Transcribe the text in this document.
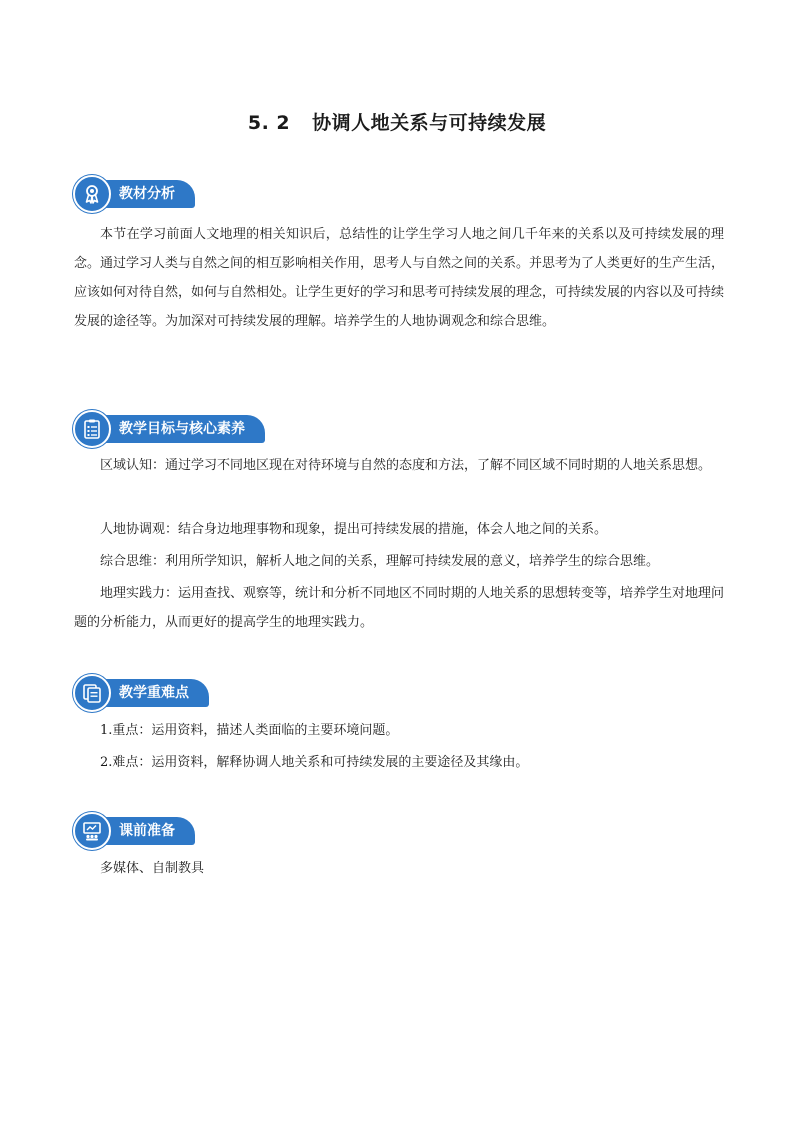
5. 2 协调人地关系与可持续发展
教材分析

本节在学习前面人文地理的相关知识后，总结性的让学生学习人地之间几千年来的关系以及可持续发展的理念。通过学习人类与自然之间的相互影响相关作用，思考人与自然之间的关系。并思考为了人类更好的生产生活，应该如何对待自然，如何与自然相处。让学生更好的学习和思考可持续发展的理念，可持续发展的内容以及可持续发展的途径等。为加深对可持续发展的理解。培养学生的人地协调观念和综合思维。

教学目标与核心素养

区域认知：通过学习不同地区现在对待环境与自然的态度和方法，了解不同区域不同时期的人地关系思想。

人地协调观：结合身边地理事物和现象，提出可持续发展的措施，体会人地之间的关系。

综合思维：利用所学知识，解析人地之间的关系，理解可持续发展的意义，培养学生的综合思维。

地理实践力：运用查找、观察等，统计和分析不同地区不同时期的人地关系的思想转变等，培养学生对地理问题的分析能力，从而更好的提高学生的地理实践力。

教学重难点

1.重点：运用资料，描述人类面临的主要环境问题。

2.难点：运用资料，解释协调人地关系和可持续发展的主要途径及其缘由。

课前准备

多媒体、自制教具
